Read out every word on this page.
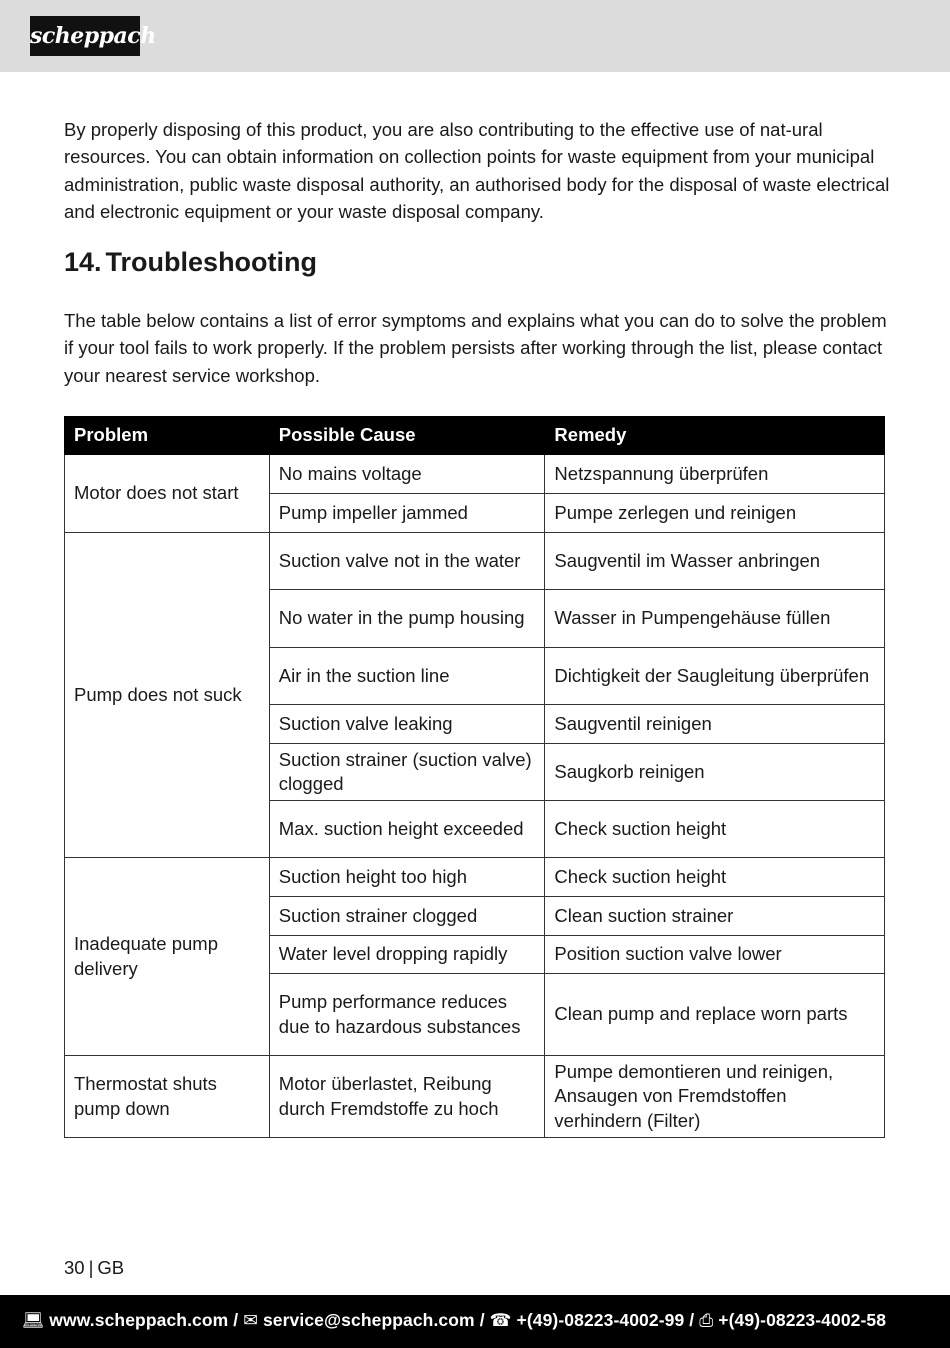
scheppach

By properly disposing of this product, you are also contributing to the effective use of nat-ural resources. You can obtain information on collection points for waste equipment from your municipal administration, public waste disposal authority, an authorised body for the disposal of waste electrical and electronic equipment or your waste disposal company.

14. Troubleshooting

The table below contains a list of error symptoms and explains what you can do to solve the problem if your tool fails to work properly. If the problem persists after working through the list, please contact your nearest service workshop.

Problem	Possible Cause	Remedy
Motor does not start	No mains voltage	Netzspannung überprüfen
	Pump impeller jammed	Pumpe zerlegen und reinigen
Pump does not suck	Suction valve not in the water	Saugventil im Wasser anbringen
	No water in the pump housing	Wasser in Pumpengehäuse füllen
	Air in the suction line	Dichtigkeit der Saugleitung überprüfen
	Suction valve leaking	Saugventil reinigen
	Suction strainer (suction valve) clogged	Saugkorb reinigen
	Max. suction height exceeded	Check suction height
Inadequate pump delivery	Suction height too high	Check suction height
	Suction strainer clogged	Clean suction strainer
	Water level dropping rapidly	Position suction valve lower
	Pump performance reduces due to hazardous substances	Clean pump and replace worn parts
Thermostat shuts pump down	Motor überlastet, Reibung durch Fremdstoffe zu hoch	Pumpe demontieren und reinigen, Ansaugen von Fremdstoffen verhindern (Filter)
30 | GB
💻︎ www.scheppach.com / ✉ service@scheppach.com / ☎ +(49)-08223-4002-99 / ⎙ +(49)-08223-4002-58
